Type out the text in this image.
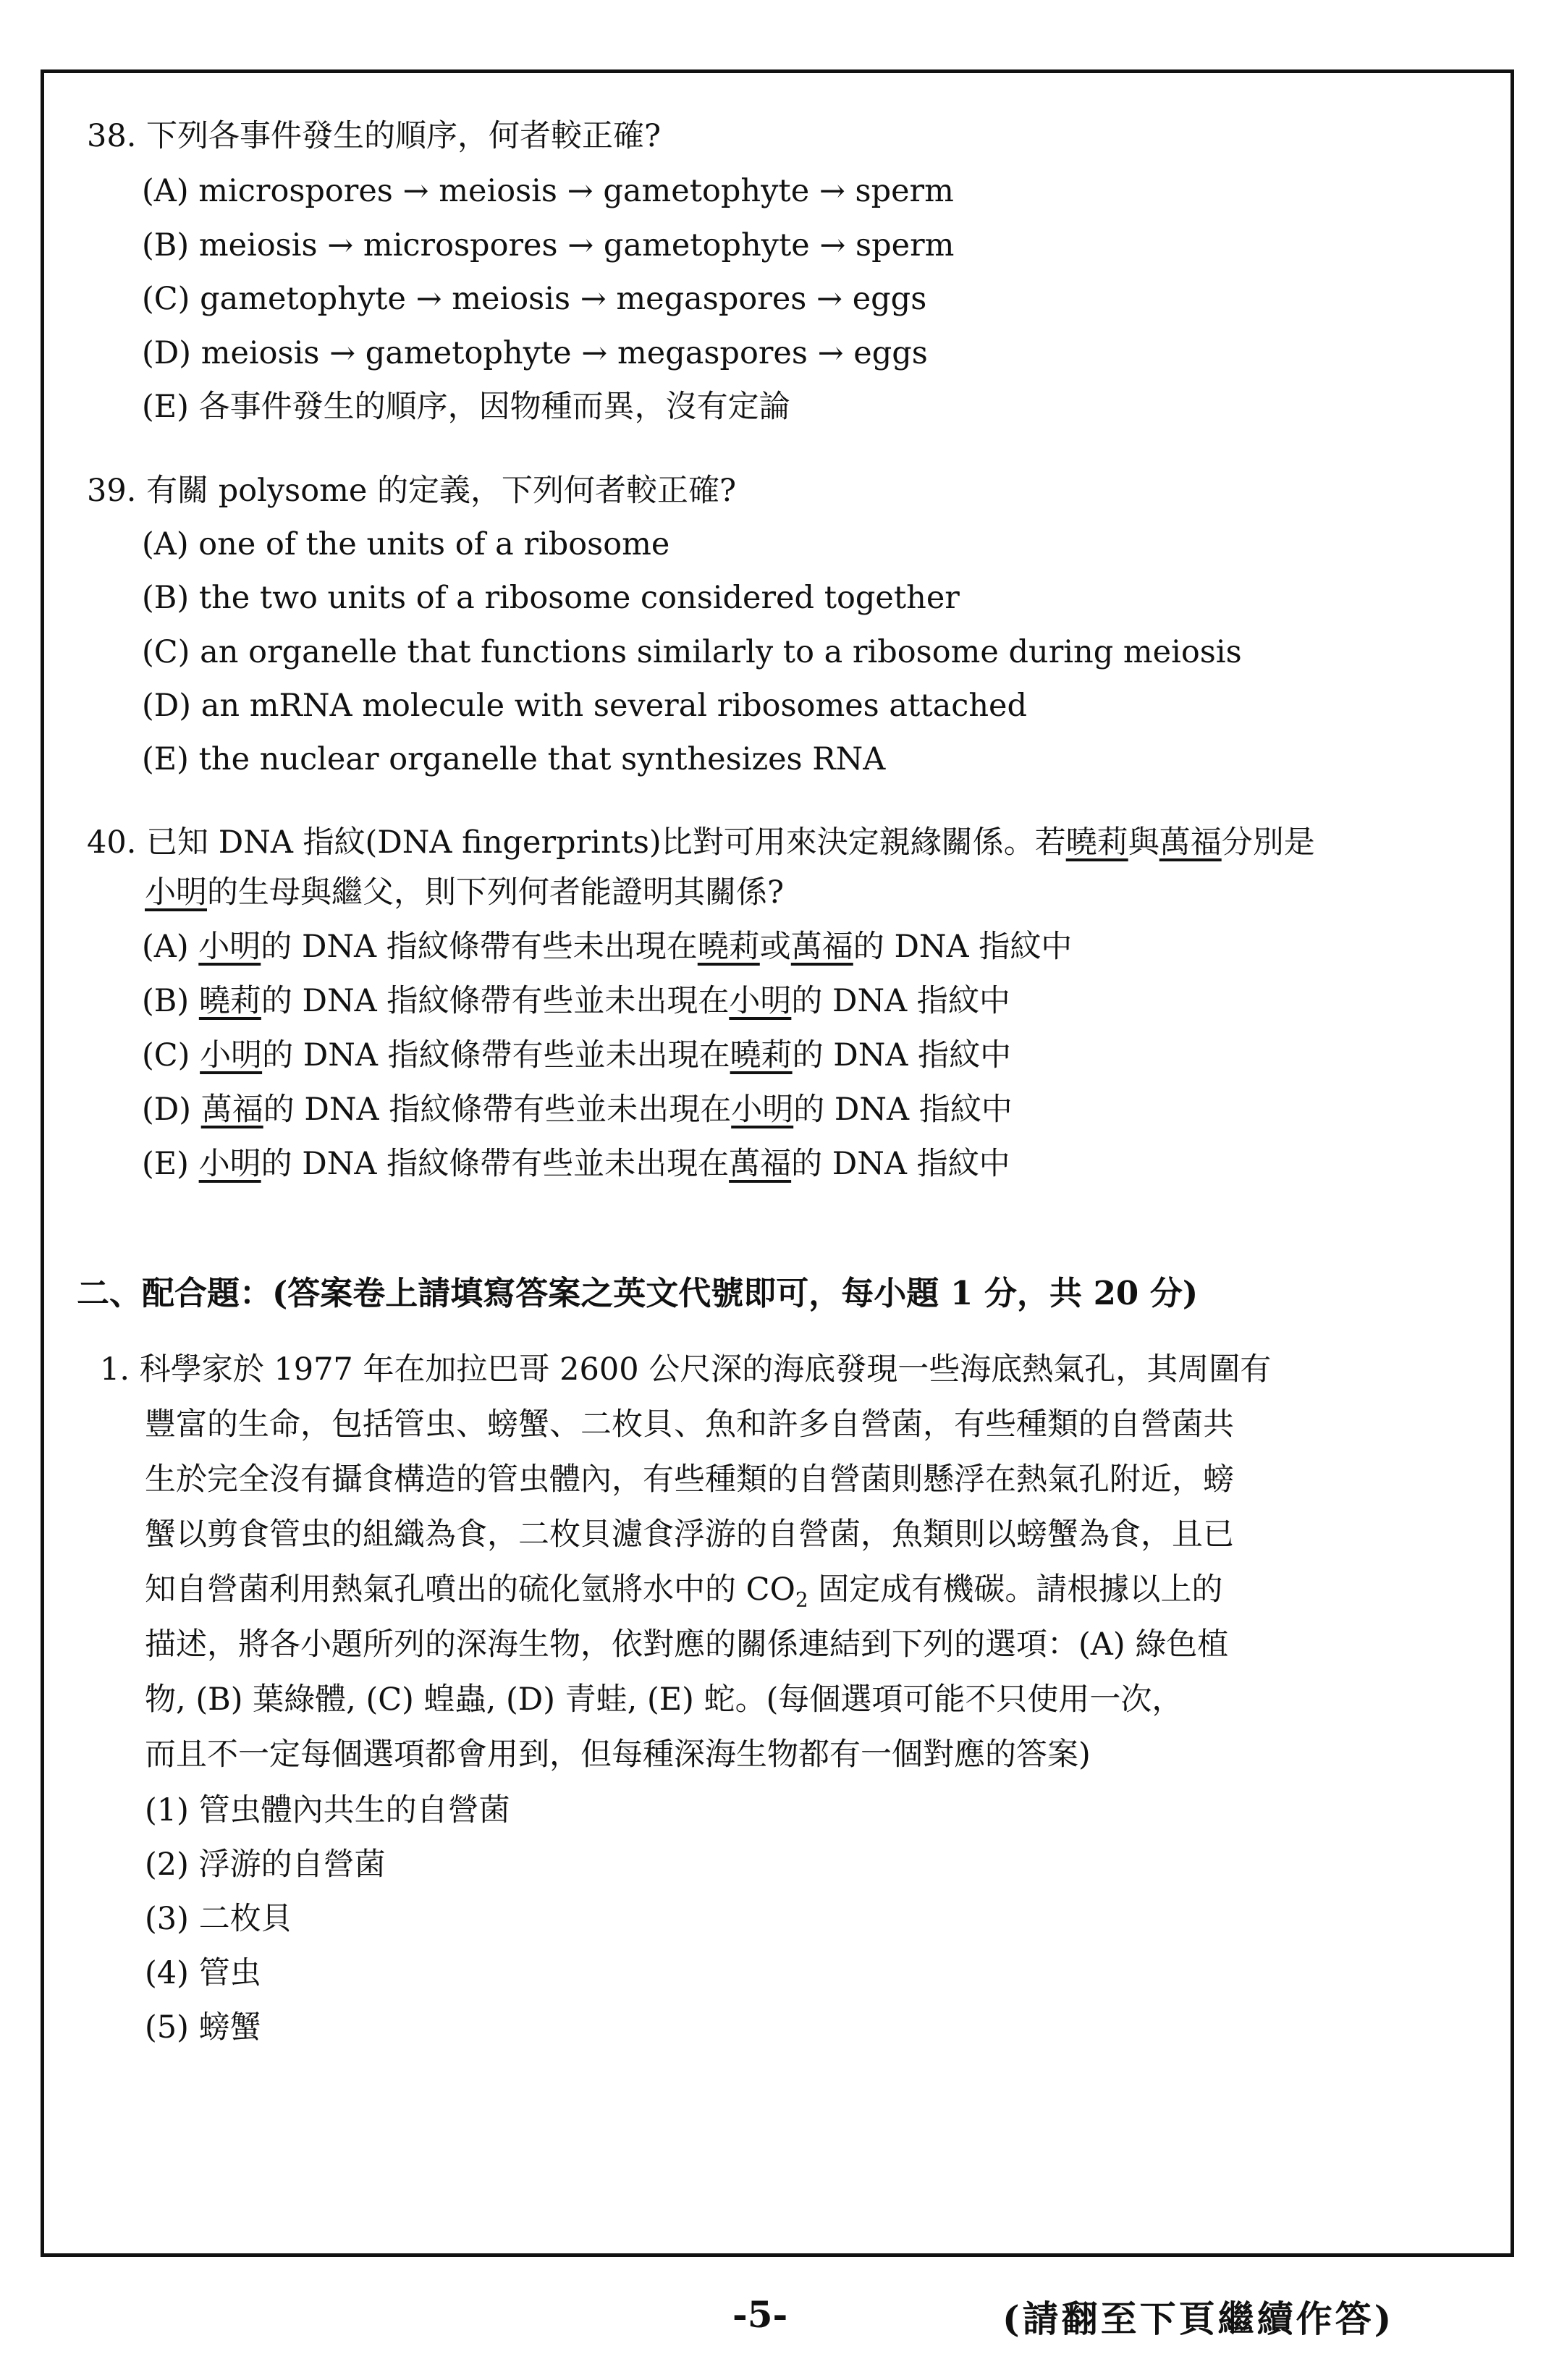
38. 下列各事件發生的順序，何者較正確?
(A) microspores → meiosis → gametophyte → sperm
(B) meiosis → microspores → gametophyte → sperm
(C) gametophyte → meiosis → megaspores → eggs
(D) meiosis → gametophyte → megaspores → eggs
(E) 各事件發生的順序，因物種而異，沒有定論
39. 有關 polysome 的定義，下列何者較正確?
(A) one of the units of a ribosome
(B) the two units of a ribosome considered together
(C) an organelle that functions similarly to a ribosome during meiosis
(D) an mRNA molecule with several ribosomes attached
(E) the nuclear organelle that synthesizes RNA
40. 已知 DNA 指紋(DNA fingerprints)比對可用來決定親緣關係。若曉莉與萬福分別是
小明的生母與繼父，則下列何者能證明其關係?
(A) 小明的 DNA 指紋條帶有些未出現在曉莉或萬福的 DNA 指紋中
(B) 曉莉的 DNA 指紋條帶有些並未出現在小明的 DNA 指紋中
(C) 小明的 DNA 指紋條帶有些並未出現在曉莉的 DNA 指紋中
(D) 萬福的 DNA 指紋條帶有些並未出現在小明的 DNA 指紋中
(E) 小明的 DNA 指紋條帶有些並未出現在萬福的 DNA 指紋中
二、配合題：(答案卷上請填寫答案之英文代號即可，每小題 1 分，共 20 分)
1. 科學家於 1977 年在加拉巴哥 2600 公尺深的海底發現一些海底熱氣孔，其周圍有
豐富的生命，包括管虫、螃蟹、二枚貝、魚和許多自營菌，有些種類的自營菌共
生於完全沒有攝食構造的管虫體內，有些種類的自營菌則懸浮在熱氣孔附近，螃
蟹以剪食管虫的組織為食，二枚貝濾食浮游的自營菌，魚類則以螃蟹為食，且已
知自營菌利用熱氣孔噴出的硫化氫將水中的 $CO_2$ 固定成有機碳。請根據以上的
描述，將各小題所列的深海生物，依對應的關係連結到下列的選項：(A) 綠色植
物, (B) 葉綠體, (C) 蝗蟲, (D) 青蛙, (E) 蛇。(每個選項可能不只使用一次，
而且不一定每個選項都會用到，但每種深海生物都有一個對應的答案)
(1) 管虫體內共生的自營菌
(2) 浮游的自營菌
(3) 二枚貝
(4) 管虫
(5) 螃蟹
-5-	(請翻至下頁繼續作答)
